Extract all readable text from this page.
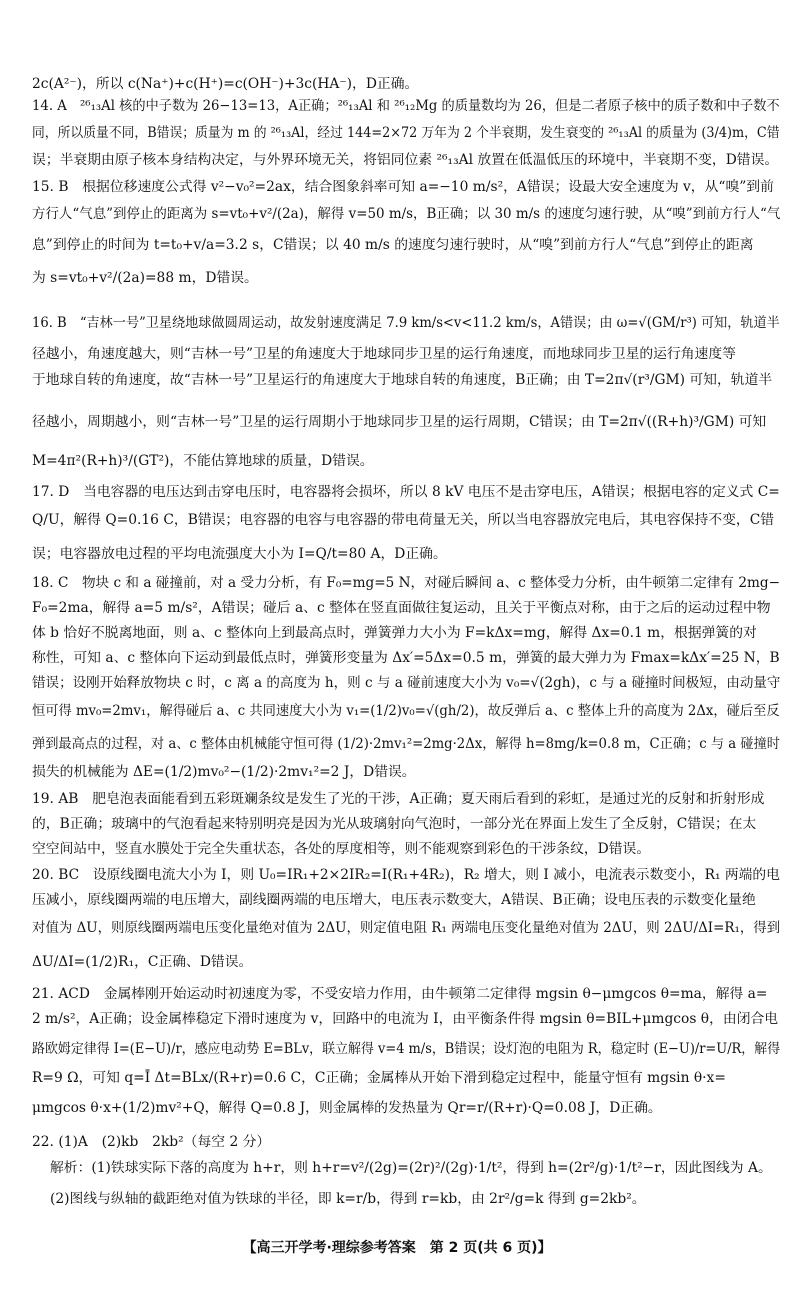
2c(A²⁻)，所以 c(Na⁺)+c(H⁺)=c(OH⁻)+3c(HA⁻)，D正确。
14. A　²⁶₁₃Al 核的中子数为 26−13=13，A正确；²⁶₁₃Al 和 ²⁶₁₂Mg 的质量数均为 26，但是二者原子核中的质子数和中子数不
同，所以质量不同，B错误；质量为 m 的 ²⁶₁₃Al，经过 144=2×72 万年为 2 个半衰期，发生衰变的 ²⁶₁₃Al 的质量为 (3/4)m，C错
误；半衰期由原子核本身结构决定，与外界环境无关，将铝同位素 ²⁶₁₃Al 放置在低温低压的环境中，半衰期不变，D错误。
15. B　根据位移速度公式得 v²−v₀²=2ax，结合图象斜率可知 a=−10 m/s²，A错误；设最大安全速度为 v，从“嗅”到前
方行人“气息”到停止的距离为 s=vt₀+v²/(2a)，解得 v=50 m/s，B正确；以 30 m/s 的速度匀速行驶，从“嗅”到前方行人“气
息”到停止的时间为 t=t₀+v/a=3.2 s，C错误；以 40 m/s 的速度匀速行驶时，从“嗅”到前方行人“气息”到停止的距离
为 s=vt₀+v²/(2a)=88 m，D错误。
16. B　“吉林一号”卫星绕地球做圆周运动，故发射速度满足 7.9 km/s<v<11.2 km/s，A错误；由 ω=√(GM/r³) 可知，轨道半
径越小，角速度越大，则“吉林一号”卫星的角速度大于地球同步卫星的运行角速度，而地球同步卫星的运行角速度等
于地球自转的角速度，故“吉林一号”卫星运行的角速度大于地球自转的角速度，B正确；由 T=2π√(r³/GM) 可知，轨道半
径越小，周期越小，则“吉林一号”卫星的运行周期小于地球同步卫星的运行周期，C错误；由 T=2π√((R+h)³/GM) 可知
M=4π²(R+h)³/(GT²)，不能估算地球的质量，D错误。
17. D　当电容器的电压达到击穿电压时，电容器将会损坏，所以 8 kV 电压不是击穿电压，A错误；根据电容的定义式 C=
Q/U，解得 Q=0.16 C，B错误；电容器的电容与电容器的带电荷量无关，所以当电容器放完电后，其电容保持不变，C错
误；电容器放电过程的平均电流强度大小为 I=Q/t=80 A，D正确。
18. C　物块 c 和 a 碰撞前，对 a 受力分析，有 F₀=mg=5 N，对碰后瞬间 a、c 整体受力分析，由牛顿第二定律有 2mg−
F₀=2ma，解得 a=5 m/s²，A错误；碰后 a、c 整体在竖直面做往复运动，且关于平衡点对称，由于之后的运动过程中物
体 b 恰好不脱离地面，则 a、c 整体向上到最高点时，弹簧弹力大小为 F=kΔx=mg，解得 Δx=0.1 m，根据弹簧的对
称性，可知 a、c 整体向下运动到最低点时，弹簧形变量为 Δx′=5Δx=0.5 m，弹簧的最大弹力为 Fmax=kΔx′=25 N，B
错误；设刚开始释放物块 c 时，c 离 a 的高度为 h，则 c 与 a 碰前速度大小为 v₀=√(2gh)，c 与 a 碰撞时间极短，由动量守
恒可得 mv₀=2mv₁，解得碰后 a、c 共同速度大小为 v₁=(1/2)v₀=√(gh/2)，故反弹后 a、c 整体上升的高度为 2Δx，碰后至反
弹到最高点的过程，对 a、c 整体由机械能守恒可得 (1/2)·2mv₁²=2mg·2Δx，解得 h=8mg/k=0.8 m，C正确；c 与 a 碰撞时
损失的机械能为 ΔE=(1/2)mv₀²−(1/2)·2mv₁²=2 J，D错误。
19. AB　肥皂泡表面能看到五彩斑斓条纹是发生了光的干涉，A正确；夏天雨后看到的彩虹，是通过光的反射和折射形成
的，B正确；玻璃中的气泡看起来特别明亮是因为光从玻璃射向气泡时，一部分光在界面上发生了全反射，C错误；在太
空空间站中，竖直水膜处于完全失重状态，各处的厚度相等，则不能观察到彩色的干涉条纹，D错误。
20. BC　设原线圈电流大小为 I，则 U₀=IR₁+2×2IR₂=I(R₁+4R₂)，R₂ 增大，则 I 减小，电流表示数变小，R₁ 两端的电
压减小，原线圈两端的电压增大，副线圈两端的电压增大，电压表示数变大，A错误、B正确；设电压表的示数变化量绝
对值为 ΔU，则原线圈两端电压变化量绝对值为 2ΔU，则定值电阻 R₁ 两端电压变化量绝对值为 2ΔU，则 2ΔU/ΔI=R₁，得到
ΔU/ΔI=(1/2)R₁，C正确、D错误。
21. ACD　金属棒刚开始运动时初速度为零，不受安培力作用，由牛顿第二定律得 mgsin θ−μmgcos θ=ma，解得 a=
2 m/s²，A正确；设金属棒稳定下滑时速度为 v，回路中的电流为 I，由平衡条件得 mgsin θ=BIL+μmgcos θ，由闭合电
路欧姆定律得 I=(E−U)/r，感应电动势 E=BLv，联立解得 v=4 m/s，B错误；设灯泡的电阻为 R，稳定时 (E−U)/r=U/R，解得
R=9 Ω，可知 q=Ī Δt=BLx/(R+r)=0.6 C，C正确；金属棒从开始下滑到稳定过程中，能量守恒有 mgsin θ·x=
μmgcos θ·x+(1/2)mv²+Q，解得 Q=0.8 J，则金属棒的发热量为 Qr=r/(R+r)·Q=0.08 J，D正确。
22. (1)A　(2)kb　2kb²（每空 2 分）
解析：(1)铁球实际下落的高度为 h+r，则 h+r=v²/(2g)=(2r)²/(2g)·1/t²，得到 h=(2r²/g)·1/t²−r，因此图线为 A。
(2)图线与纵轴的截距绝对值为铁球的半径，即 k=r/b，得到 r=kb，由 2r²/g=k 得到 g=2kb²。
【高三开学考·理综参考答案　第 2 页(共 6 页)】
